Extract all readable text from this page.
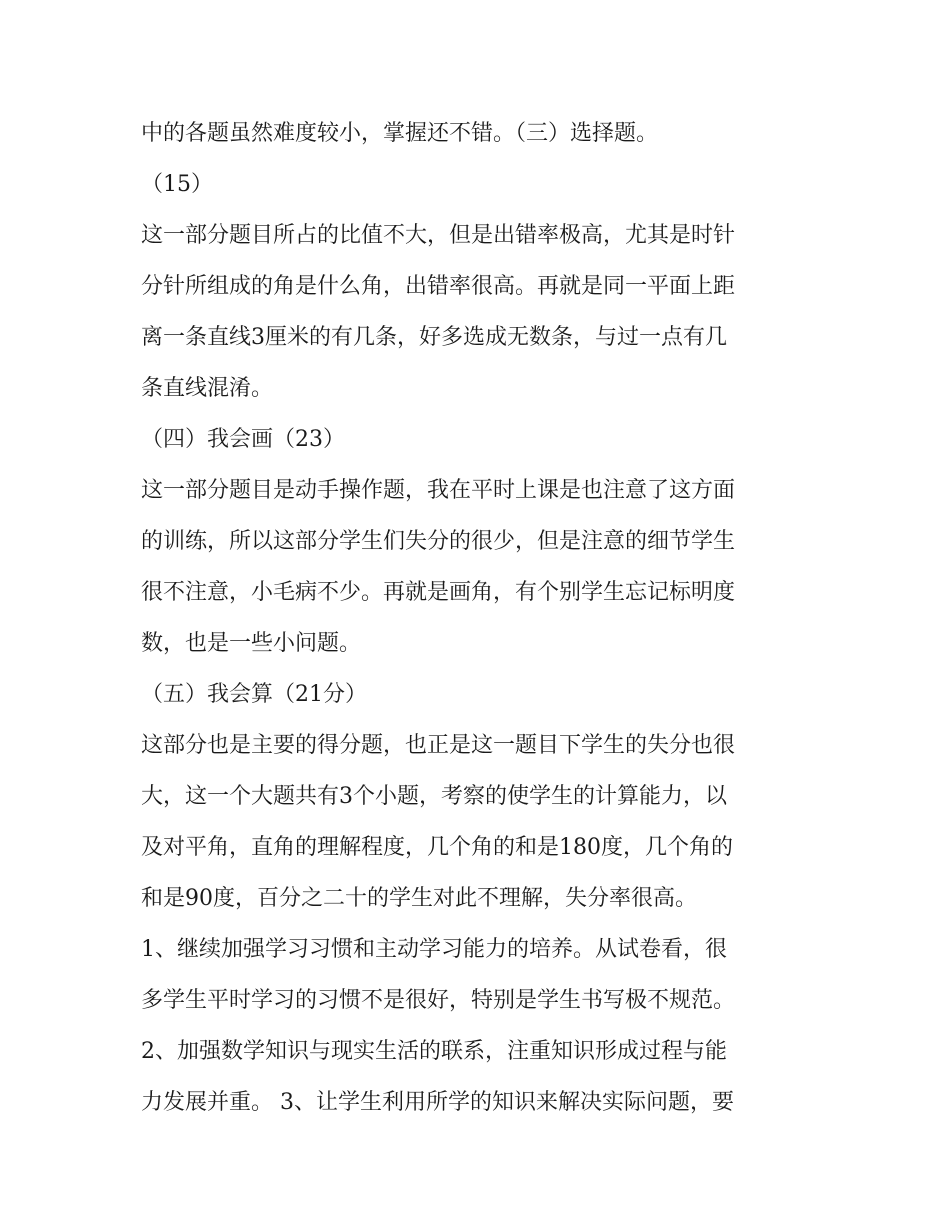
中的各题虽然难度较小，掌握还不错。（三）选择题。
（15）
这一部分题目所占的比值不大，但是出错率极高，尤其是时针
分针所组成的角是什么角，出错率很高。再就是同一平面上距
离一条直线3厘米的有几条，好多选成无数条，与过一点有几
条直线混淆。
（四）我会画（23）
这一部分题目是动手操作题，我在平时上课是也注意了这方面
的训练，所以这部分学生们失分的很少，但是注意的细节学生
很不注意，小毛病不少。再就是画角，有个别学生忘记标明度
数，也是一些小问题。
（五）我会算（21分）
这部分也是主要的得分题，也正是这一题目下学生的失分也很
大，这一个大题共有3个小题，考察的使学生的计算能力，以
及对平角，直角的理解程度，几个角的和是180度，几个角的
和是90度，百分之二十的学生对此不理解，失分率很高。
1、继续加强学习习惯和主动学习能力的培养。从试卷看，很
多学生平时学习的习惯不是很好，特别是学生书写极不规范。
2、加强数学知识与现实生活的联系，注重知识形成过程与能
力发展并重。 3、让学生利用所学的知识来解决实际问题，要
